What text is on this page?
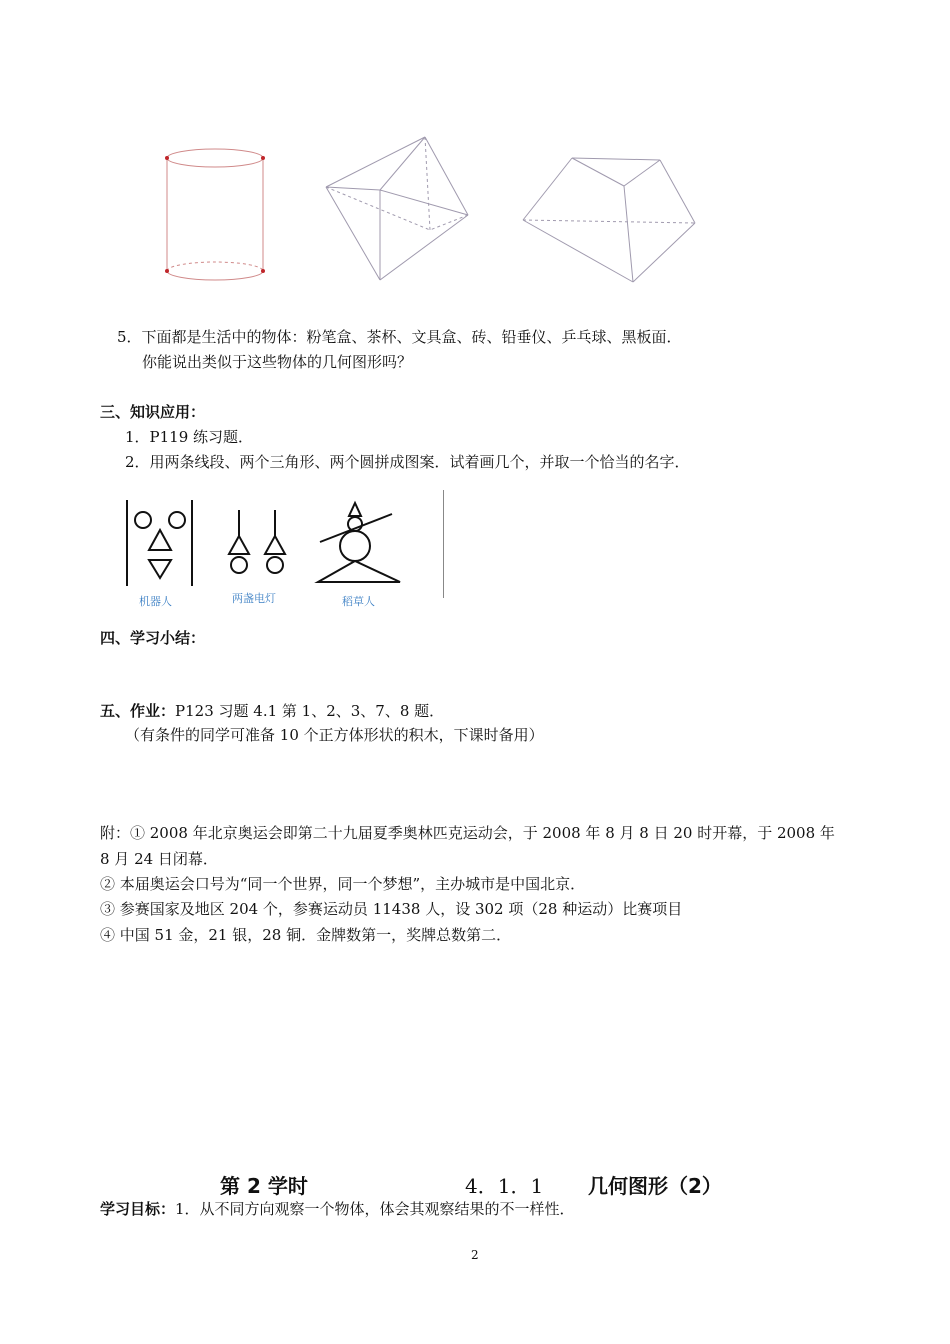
5．下面都是生活中的物体：粉笔盒、茶杯、文具盒、砖、铅垂仪、乒乓球、黑板面．
你能说出类似于这些物体的几何图形吗？
三、知识应用：
1．P119 练习题．
2．用两条线段、两个三角形、两个圆拼成图案．试着画几个，并取一个恰当的名字．
机器人	两盏电灯	稻草人
四、学习小结：
五、作业：P123 习题 4.1 第 1、2、3、7、8 题．
（有条件的同学可准备 10 个正方体形状的积木，下课时备用）
附：① 2008 年北京奥运会即第二十九届夏季奥林匹克运动会，于 2008 年 8 月 8 日 20 时开幕，于 2008 年
8 月 24 日闭幕．
② 本届奥运会口号为“同一个世界，同一个梦想”，主办城市是中国北京．
③ 参赛国家及地区 204 个，参赛运动员 11438 人，设 302 项（28 种运动）比赛项目
④ 中国 51 金，21 银，28 铜．金牌数第一，奖牌总数第二．
第 2 学时	4．1．1 几何图形（2）
学习目标：1．从不同方向观察一个物体，体会其观察结果的不一样性．
2
